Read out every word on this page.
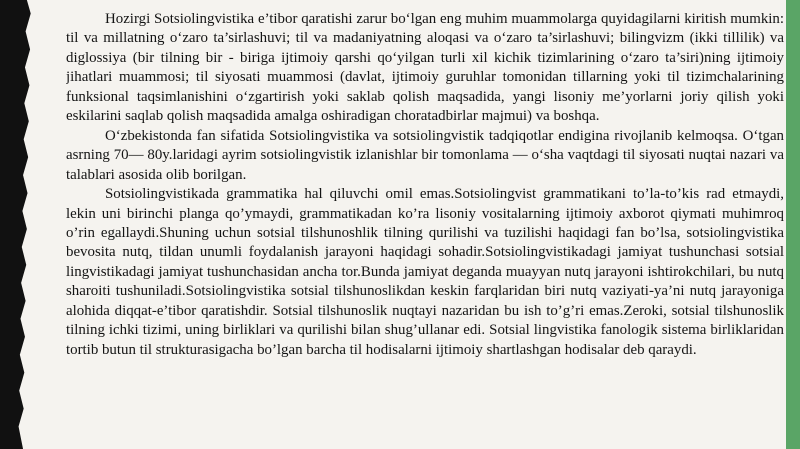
Hozirgi Sotsiolingvistika e’tibor qaratishi zarur bo‘lgan eng muhim muammolarga quyidagilarni kiritish mumkin: til va millatning o‘zaro ta’sirlashuvi; til va madaniyatning aloqasi va o‘zaro ta’sirlashuvi; bilingvizm (ikki tillilik) va diglossiya (bir tilning bir - biriga ijtimoiy qarshi qo‘yilgan turli xil kichik tizimlarining o‘zaro ta’siri)ning ijtimoiy jihatlari muammosi; til siyosati muammosi (davlat, ijtimoiy guruhlar tomonidan tillarning yoki til tizimchalarining funksional taqsimlanishini o‘zgartirish yoki saklab qolish maqsadida, yangi lisoniy me’yorlarni joriy qilish yoki eskilarini saqlab qolish maqsadida amalga oshiradigan choratadbirlar majmui) va boshqa.

O‘zbekistonda fan sifatida Sotsiolingvistika va sotsiolingvistik tadqiqotlar endigina rivojlanib kelmoqsa. O‘tgan asrning 70— 80y.laridagi ayrim sotsiolingvistik izlanishlar bir tomonlama — o‘sha vaqtdagi til siyosati nuqtai nazari va talablari asosida olib borilgan.

Sotsiolingvistikada grammatika hal qiluvchi omil emas.Sotsiolingvist grammatikani to’la-to’kis rad etmaydi, lekin uni birinchi planga qo’ymaydi, grammatikadan ko’ra lisoniy vositalarning ijtimoiy axborot qiymati muhimroq o’rin egallaydi.Shuning uchun sotsial tilshunoshlik tilning qurilishi va tuzilishi haqidagi fan bo’lsa, sotsiolingvistika bevosita nutq, tildan unumli foydalanish jarayoni haqidagi sohadir.Sotsiolingvistikadagi jamiyat tushunchasi sotsial lingvistikadagi jamiyat tushunchasidan ancha tor.Bunda jamiyat deganda muayyan nutq jarayoni ishtirokchilari, bu nutq sharoiti tushuniladi.Sotsiolingvistika sotsial tilshunoslikdan keskin farqlaridan biri nutq vaziyati-ya’ni nutq jarayoniga alohida diqqat-e’tibor qaratishdir. Sotsial tilshunoslik nuqtayi nazaridan bu ish to’g’ri emas.Zeroki, sotsial tilshunoslik tilning ichki tizimi, uning birliklari va qurilishi bilan shug’ullanar edi. Sotsial lingvistika fanologik sistema birliklaridan tortib butun til strukturasigacha bo’lgan barcha til hodisalarni ijtimoiy shartlashgan hodisalar deb qaraydi.
